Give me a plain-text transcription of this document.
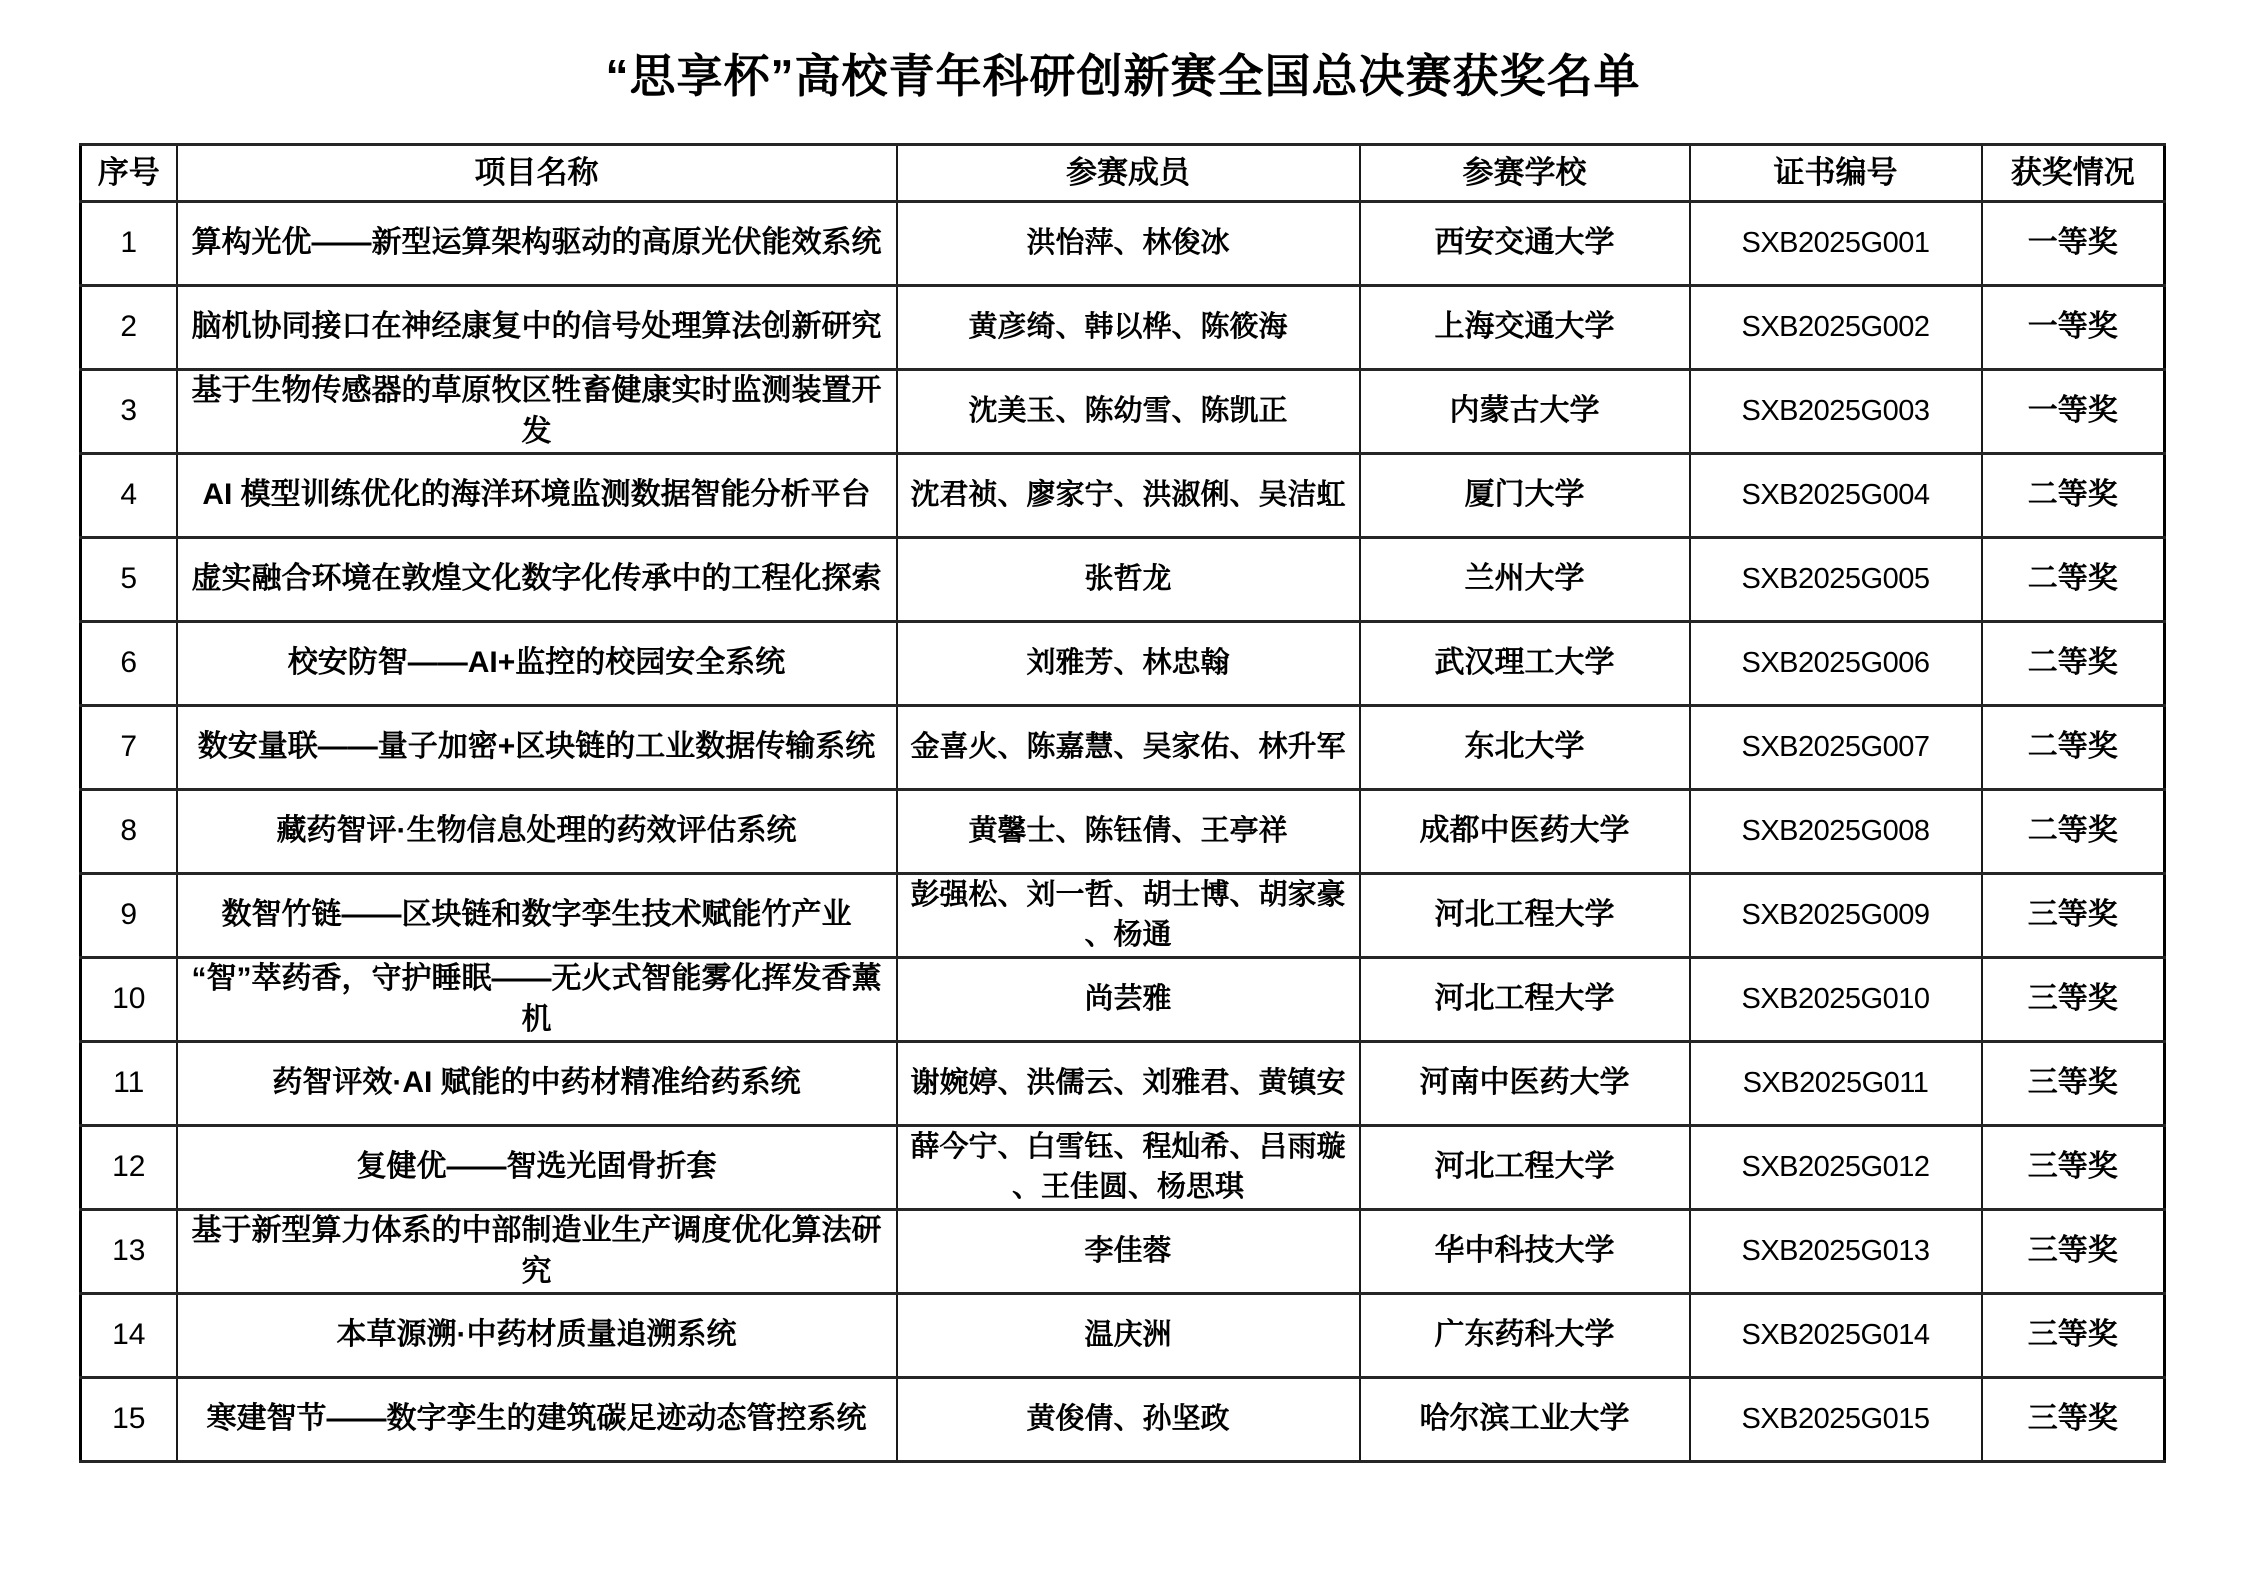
“思享杯”高校青年科研创新赛全国总决赛获奖名单
序号	项目名称	参赛成员	参赛学校	证书编号	获奖情况
1	算构光优——新型运算架构驱动的高原光伏能效系统	洪怡萍、林俊冰	西安交通大学	SXB2025G001	一等奖
2	脑机协同接口在神经康复中的信号处理算法创新研究	黄彦绮、韩以桦、陈筱海	上海交通大学	SXB2025G002	一等奖
3	基于生物传感器的草原牧区牲畜健康实时监测装置开发	沈美玉、陈幼雪、陈凯正	内蒙古大学	SXB2025G003	一等奖
4	AI 模型训练优化的海洋环境监测数据智能分析平台	沈君祯、廖家宁、洪淑俐、吴洁虹	厦门大学	SXB2025G004	二等奖
5	虚实融合环境在敦煌文化数字化传承中的工程化探索	张哲龙	兰州大学	SXB2025G005	二等奖
6	校安防智——AI+监控的校园安全系统	刘雅芳、林忠翰	武汉理工大学	SXB2025G006	二等奖
7	数安量联——量子加密+区块链的工业数据传输系统	金喜火、陈嘉慧、吴家佑、林升军	东北大学	SXB2025G007	二等奖
8	藏药智评·生物信息处理的药效评估系统	黄馨士、陈钰倩、王亭祥	成都中医药大学	SXB2025G008	二等奖
9	数智竹链——区块链和数字孪生技术赋能竹产业	彭强松、刘一哲、胡士博、胡家豪、杨通	河北工程大学	SXB2025G009	三等奖
10	“智”萃药香，守护睡眠——无火式智能雾化挥发香薰机	尚芸雅	河北工程大学	SXB2025G010	三等奖
11	药智评效·AI 赋能的中药材精准给药系统	谢婉婷、洪儒云、刘雅君、黄镇安	河南中医药大学	SXB2025G011	三等奖
12	复健优——智选光固骨折套	薛今宁、白雪钰、程灿希、吕雨璇、王佳圆、杨思琪	河北工程大学	SXB2025G012	三等奖
13	基于新型算力体系的中部制造业生产调度优化算法研究	李佳蓉	华中科技大学	SXB2025G013	三等奖
14	本草源溯·中药材质量追溯系统	温庆洲	广东药科大学	SXB2025G014	三等奖
15	寒建智节——数字孪生的建筑碳足迹动态管控系统	黄俊倩、孙坚政	哈尔滨工业大学	SXB2025G015	三等奖
